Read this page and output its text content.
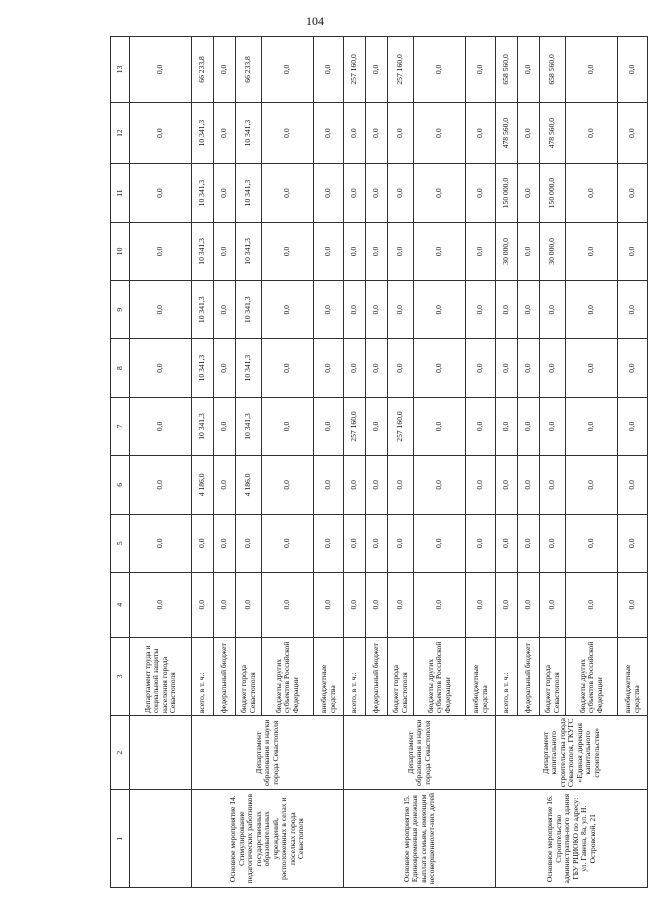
104
1	2	3	4	5	6	7	8	9	10	11	12	13
		Департамент труда и социальной защиты населения города Севастополя	0,0	0,0	0,0	0,0	0,0	0,0	0,0	0,0	0,0	0,0
Основное мероприятие 14. Стимулирование педагогических работников государственных образовательных учреждений, расположенных в селах и поселках города Севастополя	Департамент образования и науки города Севастополя	всего, в т. ч.:	0,0	0,0	4 186,0	10 341,3	10 341,3	10 341,3	10 341,3	10 341,3	10 341,3	66 233,8
		федеральный бюджет	0,0	0,0	0,0	0,0	0,0	0,0	0,0	0,0	0,0	0,0
		бюджет города Севастополя	0,0	0,0	4 186,0	10 341,3	10 341,3	10 341,3	10 341,3	10 341,3	10 341,3	66 233,8
		бюджеты других субъектов Российской Федерации	0,0	0,0	0,0	0,0	0,0	0,0	0,0	0,0	0,0	0,0
		внебюджетные средства	0,0	0,0	0,0	0,0	0,0	0,0	0,0	0,0	0,0	0,0
Основное мероприятие 15. Единовременная денежная выплата семьям, имеющим несовершеннолет-них детей	Департамент образования и науки города Севастополя	всего, в т. ч.:	0,0	0,0	0,0	257 160,0	0,0	0,0	0,0	0,0	0,0	257 160,0
		федеральный бюджет	0,0	0,0	0,0	0,0	0,0	0,0	0,0	0,0	0,0	0,0
		бюджет города Севастополя	0,0	0,0	0,0	257 160,0	0,0	0,0	0,0	0,0	0,0	257 160,0
		бюджеты других субъектов Российской Федерации	0,0	0,0	0,0	0,0	0,0	0,0	0,0	0,0	0,0	0,0
		внебюджетные средства	0,0	0,0	0,0	0,0	0,0	0,0	0,0	0,0	0,0	0,0
Основное мероприятие 16. Строительство административ-ного здания ГБУ РЦИОКО по адресу: ул. Гавена, 8а, ул. Н. Островской, 21	Департамент капитального строительства города Севастополя, ГКУГС «Единая дирекция капитального строительства»	всего, в т. ч.:	0,0	0,0	0,0	0,0	0,0	0,0	30 000,0	150 000,0	478 560,0	658 560,0
		федеральный бюджет	0,0	0,0	0,0	0,0	0,0	0,0	0,0	0,0	0,0	0,0
		бюджет города Севастополя	0,0	0,0	0,0	0,0	0,0	0,0	30 000,0	150 000,0	478 560,0	658 560,0
		бюджеты других субъектов Российской Федерации	0,0	0,0	0,0	0,0	0,0	0,0	0,0	0,0	0,0	0,0
		внебюджетные средства	0,0	0,0	0,0	0,0	0,0	0,0	0,0	0,0	0,0	0,0
